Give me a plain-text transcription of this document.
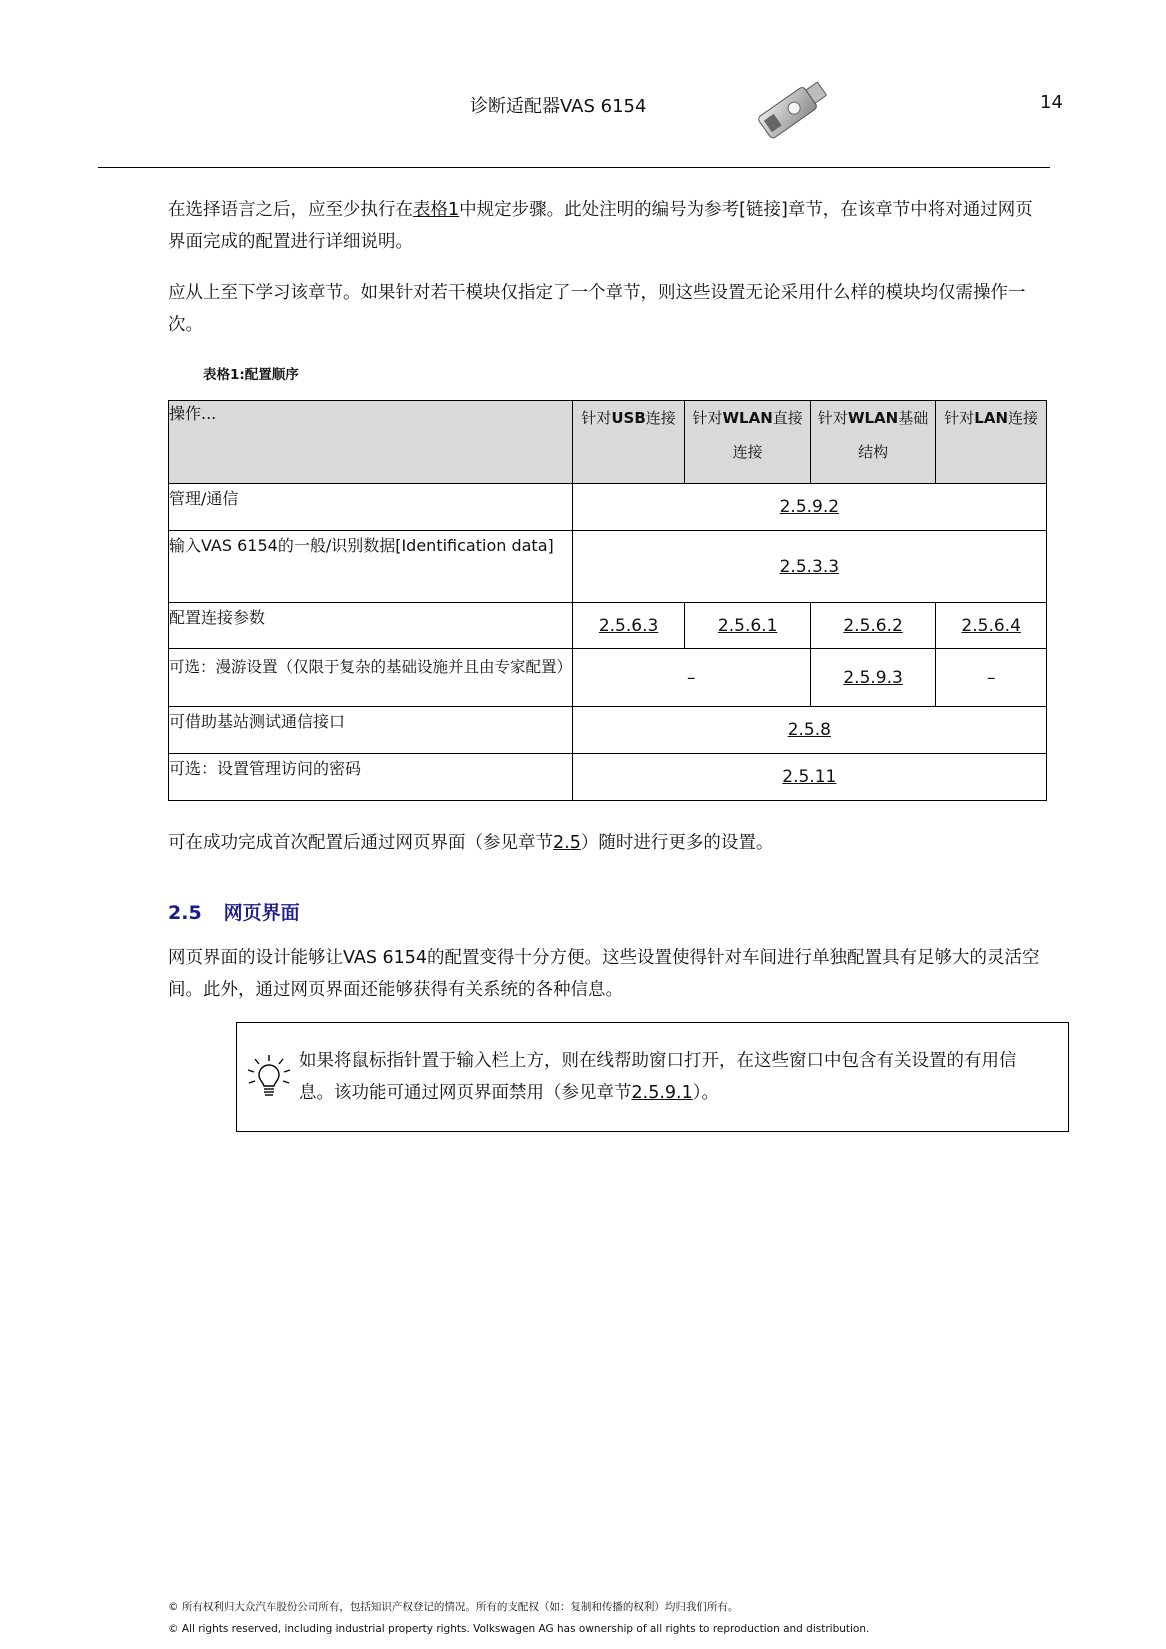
诊断适配器VAS 6154	14
在选择语言之后，应至少执行在表格1中规定步骤。此处注明的编号为参考[链接]章节，在该章节中将对通过网页界面完成的配置进行详细说明。
应从上至下学习该章节。如果针对若干模块仅指定了一个章节，则这些设置无论采用什么样的模块均仅需操作一次。
表格1:配置顺序
操作...	针对USB连接	针对WLAN直接连接	针对WLAN基础结构	针对LAN连接
管理/通信	2.5.9.2			
输入VAS 6154的一般/识别数据[Identification data]	2.5.3.3			
配置连接参数	2.5.6.3	2.5.6.1	2.5.6.2	2.5.6.4
可选：漫游设置（仅限于复杂的基础设施并且由专家配置）	–		2.5.9.3	–
可借助基站测试通信接口	2.5.8			
可选：设置管理访问的密码	2.5.11			
可在成功完成首次配置后通过网页界面（参见章节2.5）随时进行更多的设置。
2.5 网页界面
网页界面的设计能够让VAS 6154的配置变得十分方便。这些设置使得针对车间进行单独配置具有足够大的灵活空间。此外，通过网页界面还能够获得有关系统的各种信息。
如果将鼠标指针置于输入栏上方，则在线帮助窗口打开，在这些窗口中包含有关设置的有用信息。该功能可通过网页界面禁用（参见章节2.5.9.1）。
© 所有权利归大众汽车股份公司所有，包括知识产权登记的情况。所有的支配权（如：复制和传播的权利）均归我们所有。
© All rights reserved, including industrial property rights. Volkswagen AG has ownership of all rights to reproduction and distribution.
